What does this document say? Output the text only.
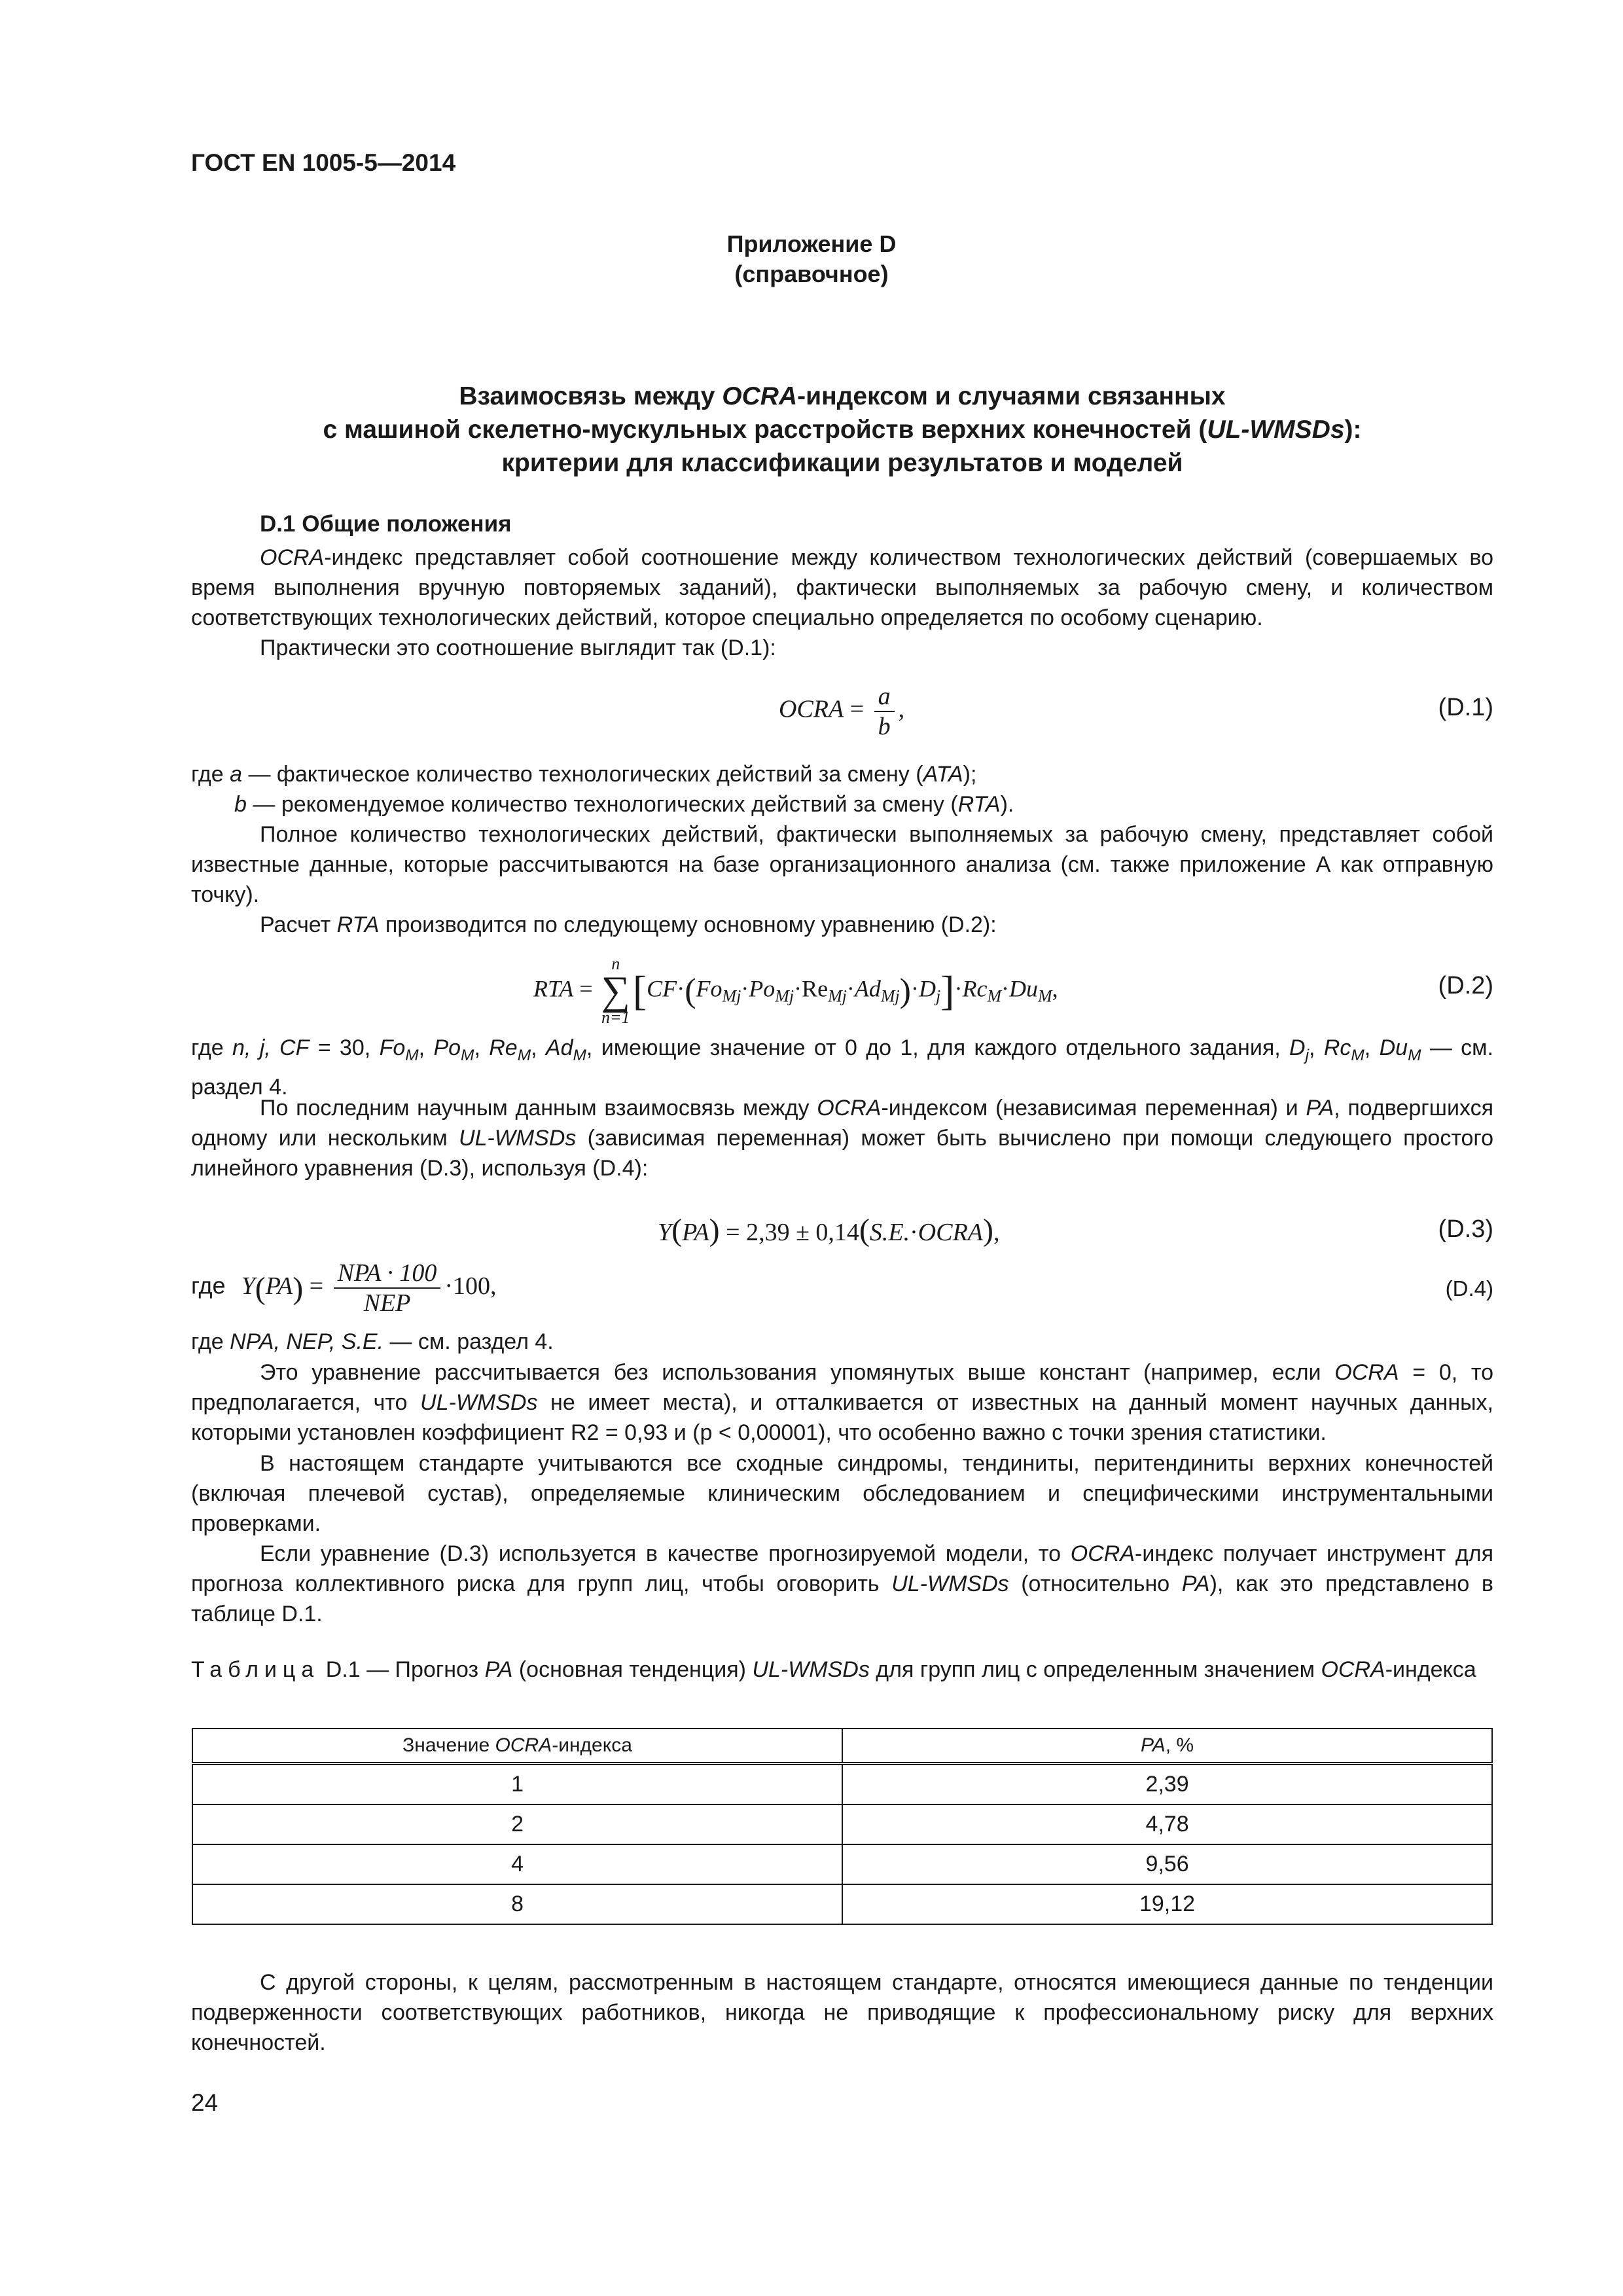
ГОСТ EN 1005-5—2014
Приложение D
(справочное)
Взаимосвязь между OCRA-индексом и случаями связанных
с машиной скелетно-мускульных расстройств верхних конечностей (UL-WMSDs):
критерии для классификации результатов и моделей
D.1 Общие положения
OCRA-индекс представляет собой соотношение между количеством технологических действий (совершаемых во время выполнения вручную повторяемых заданий), фактически выполняемых за рабочую смену, и количеством соответствующих технологических действий, которое специально определяется по особому сценарию.
Практически это соотношение выглядит так (D.1):
OCRA = $\frac{a}{b}$ ,	(D.1)
где a — фактическое количество технологических действий за смену (ATA);
b — рекомендуемое количество технологических действий за смену (RTA).
Полное количество технологических действий, фактически выполняемых за рабочую смену, представляет собой известные данные, которые рассчитываются на базе организационного анализа (см. также приложение А как отправную точку).
Расчет RTA производится по следующему основному уравнению (D.2):
RTA =
n
∑
n=1
$[CF\cdot(Fo_{Mj}\cdot Po_{Mj}\cdot Re_{Mj}\cdot Ad_{Mj})\cdot D_j]\cdot Rc_M\cdot Du_M$,	(D.2)
где n, j, CF = 30, $Fo_M$, $Po_M$, $Re_M$, $Ad_M$, имеющие значение от 0 до 1, для каждого отдельного задания, $D_j$, $Rc_M$, $Du_M$ — см. раздел 4.
По последним научным данным взаимосвязь между OCRA-индексом (независимая переменная) и PA, подвергшихся одному или нескольким UL-WMSDs (зависимая переменная) может быть вычислено при помощи следующего простого линейного уравнения (D.3), используя (D.4):
Y(PA) = 2,39 ± 0,14(S.E.·OCRA),	(D.3)
где $Y(PA) = \frac{\text{NPA · 100}}{\text{NEP}} \cdot 100$,	(D.4)
где NPA, NEP, S.E. — см. раздел 4.
Это уравнение рассчитывается без использования упомянутых выше констант (например, если OCRA = 0, то предполагается, что UL-WMSDs не имеет места), и отталкивается от известных на данный момент научных данных, которыми установлен коэффициент R2 = 0,93 и (р < 0,00001), что особенно важно с точки зрения статистики.
В настоящем стандарте учитываются все сходные синдромы, тендиниты, перитендиниты верхних конечностей (включая плечевой сустав), определяемые клиническим обследованием и специфическими инструментальными проверками.
Если уравнение (D.3) используется в качестве прогнозируемой модели, то OCRA-индекс получает инструмент для прогноза коллективного риска для групп лиц, чтобы оговорить UL-WMSDs (относительно PA), как это представлено в таблице D.1.
Таблица D.1 — Прогноз PA (основная тенденция) UL-WMSDs для групп лиц с определенным значением OCRA-индекса
Значение OCRA-индекса	PA, %
1	2,39
2	4,78
4	9,56
8	19,12
С другой стороны, к целям, рассмотренным в настоящем стандарте, относятся имеющиеся данные по тенденции подверженности соответствующих работников, никогда не приводящие к профессиональному риску для верхних конечностей.
24
